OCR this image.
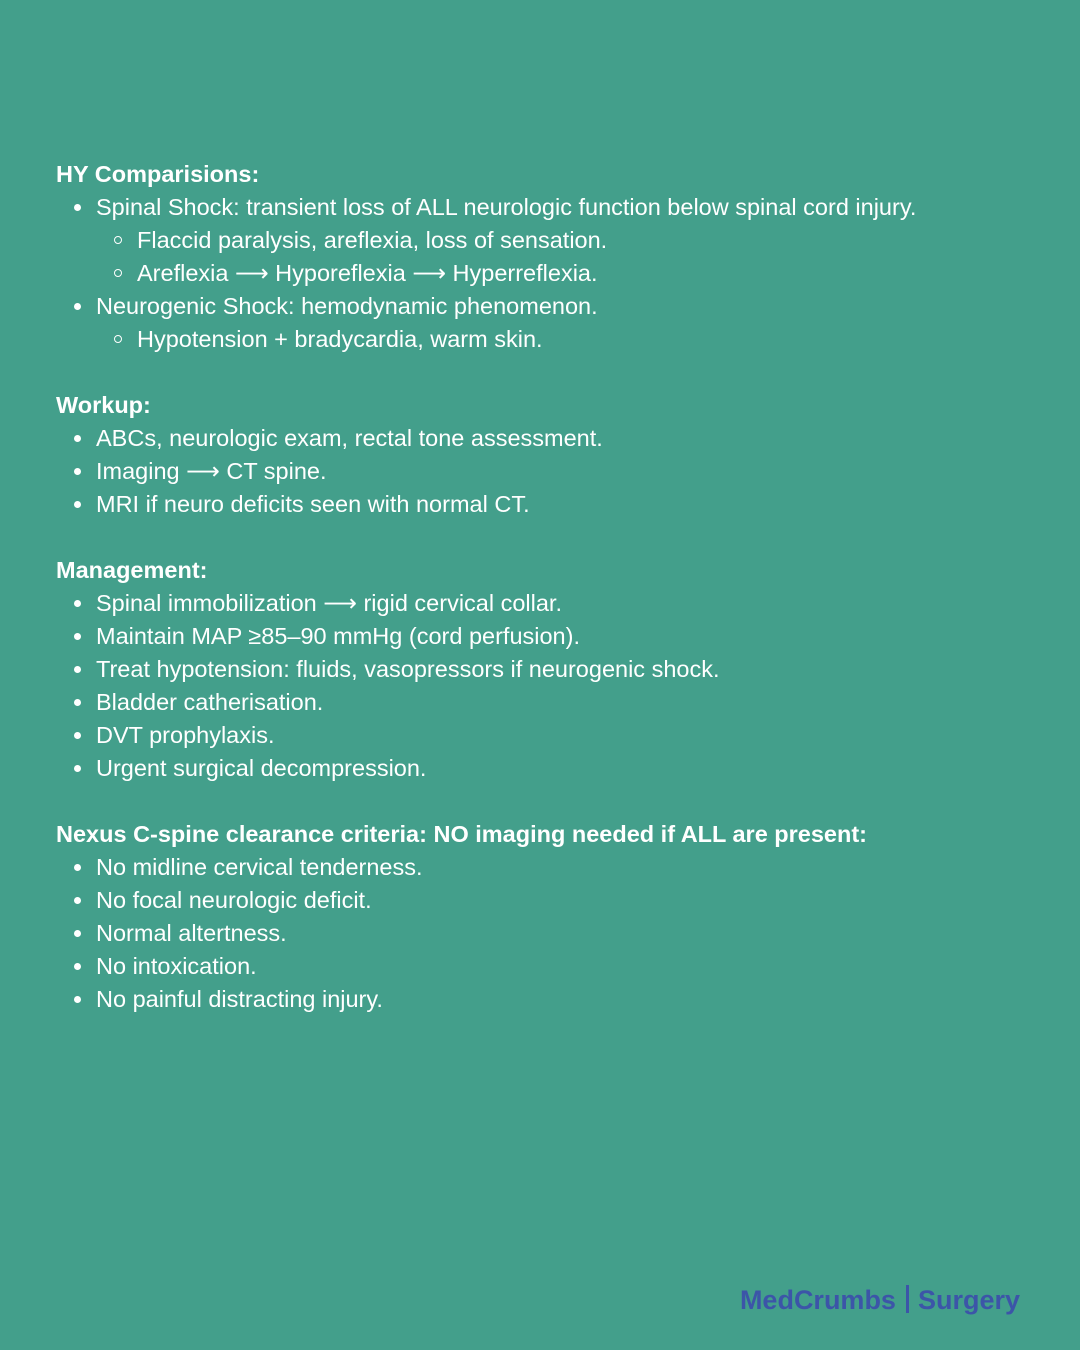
HY Comparisions:

Spinal Shock: transient loss of ALL neurologic function below spinal cord injury.
Flaccid paralysis, areflexia, loss of sensation.
Areflexia ⟶ Hyporeflexia ⟶ Hyperreflexia.
Neurogenic Shock: hemodynamic phenomenon.
Hypotension + bradycardia, warm skin.

Workup:

ABCs, neurologic exam, rectal tone assessment.
Imaging ⟶ CT spine.
MRI if neuro deficits seen with normal CT.

Management:

Spinal immobilization ⟶ rigid cervical collar.
Maintain MAP ≥85–90 mmHg (cord perfusion).
Treat hypotension: fluids, vasopressors if neurogenic shock.
Bladder catherisation.
DVT prophylaxis.
Urgent surgical decompression.

Nexus C-spine clearance criteria: NO imaging needed if ALL are present:

No midline cervical tenderness.
No focal neurologic deficit.
Normal altertness.
No intoxication.
No painful distracting injury.
MedCrumbs Surgery
